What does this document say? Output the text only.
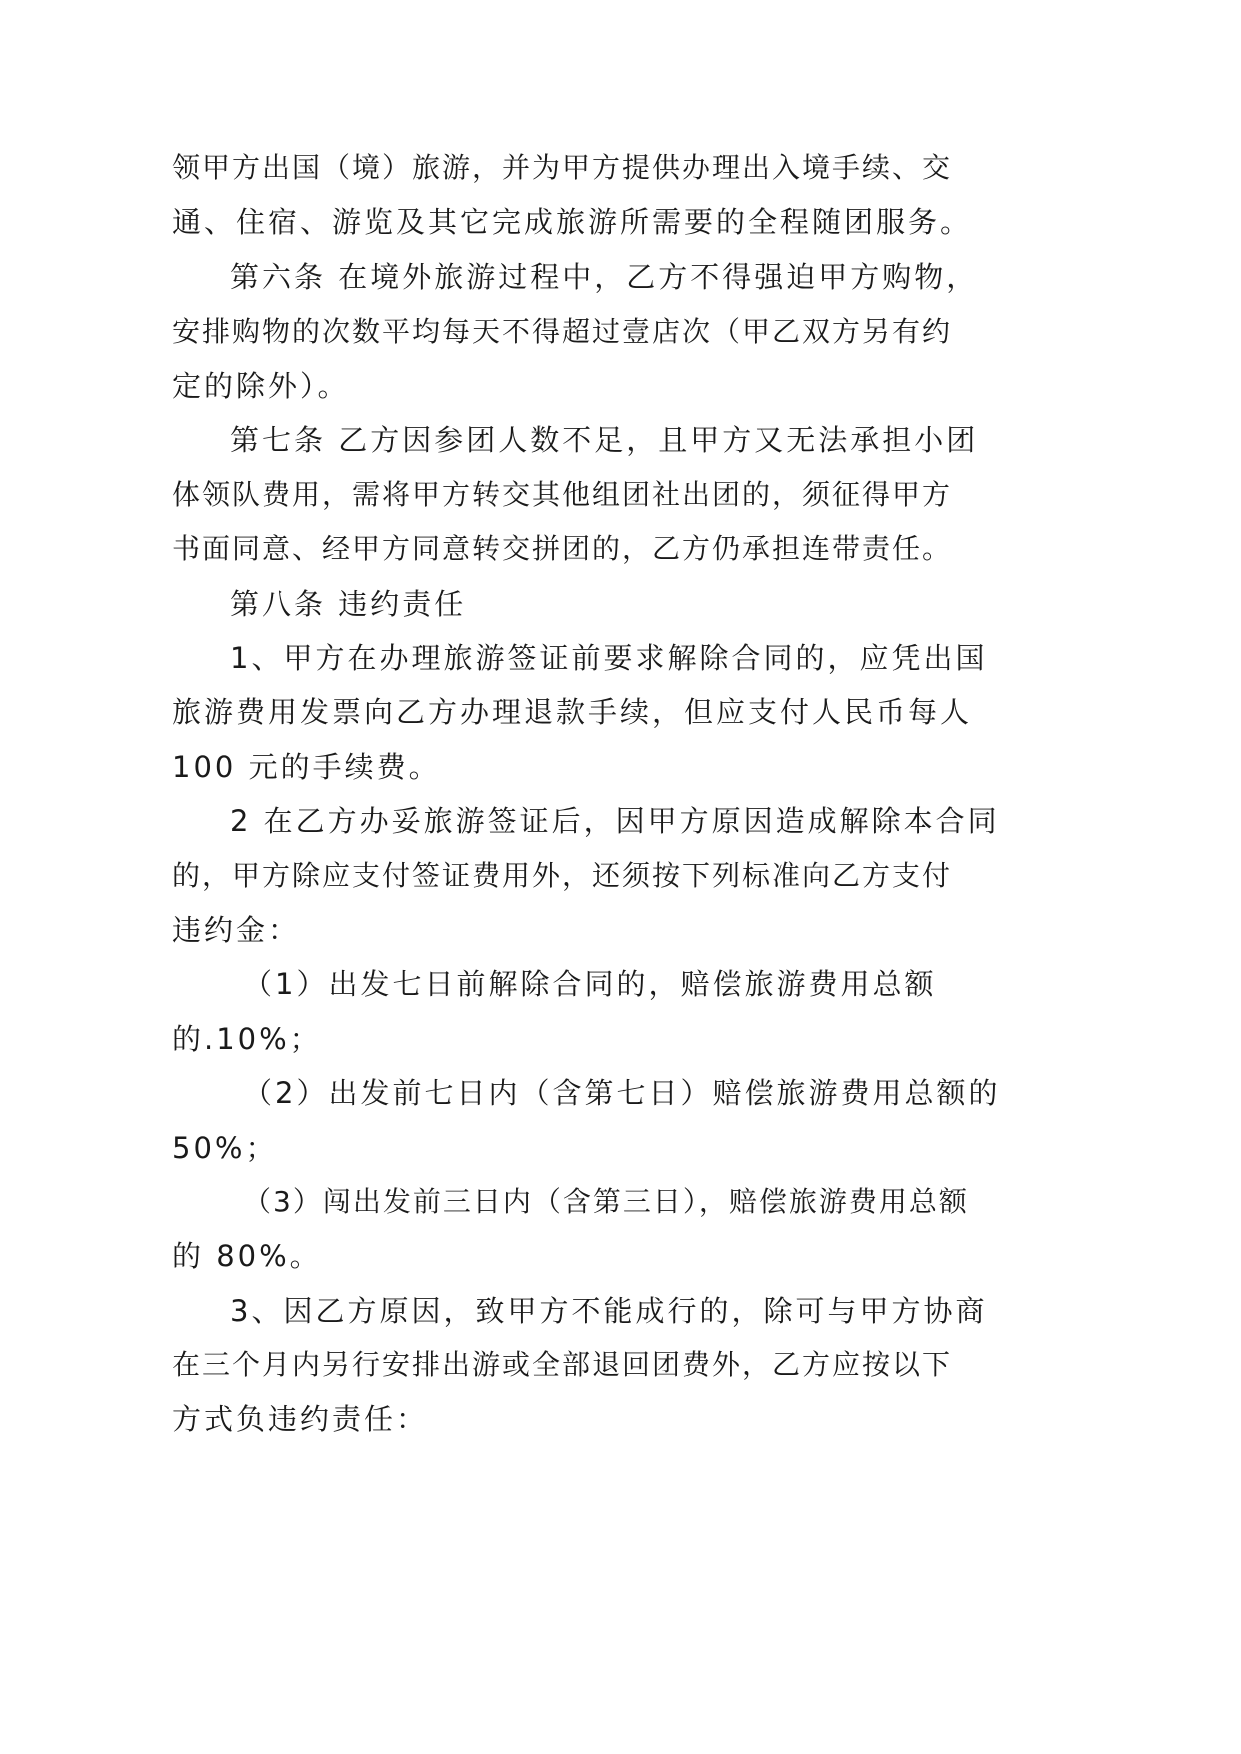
领甲方出国（境）旅游，并为甲方提供办理出入境手续、交
通、住宿、游览及其它完成旅游所需要的全程随团服务。
第六条 在境外旅游过程中，乙方不得强迫甲方购物，
安排购物的次数平均每天不得超过壹店次（甲乙双方另有约
定的除外）。
第七条 乙方因参团人数不足，且甲方又无法承担小团
体领队费用，需将甲方转交其他组团社出团的，须征得甲方
书面同意、经甲方同意转交拼团的，乙方仍承担连带责任。
第八条 违约责任
1、甲方在办理旅游签证前要求解除合同的，应凭出国
旅游费用发票向乙方办理退款手续，但应支付人民币每人
100 元的手续费。
2 在乙方办妥旅游签证后，因甲方原因造成解除本合同
的，甲方除应支付签证费用外，还须按下列标准向乙方支付
违约金：
（1）出发七日前解除合同的，赔偿旅游费用总额
的.10%；
（2）出发前七日内（含第七日）赔偿旅游费用总额的
50%；
（3）闯出发前三日内（含第三日），赔偿旅游费用总额
的 80%。
3、因乙方原因，致甲方不能成行的，除可与甲方协商
在三个月内另行安排出游或全部退回团费外，乙方应按以下
方式负违约责任：
